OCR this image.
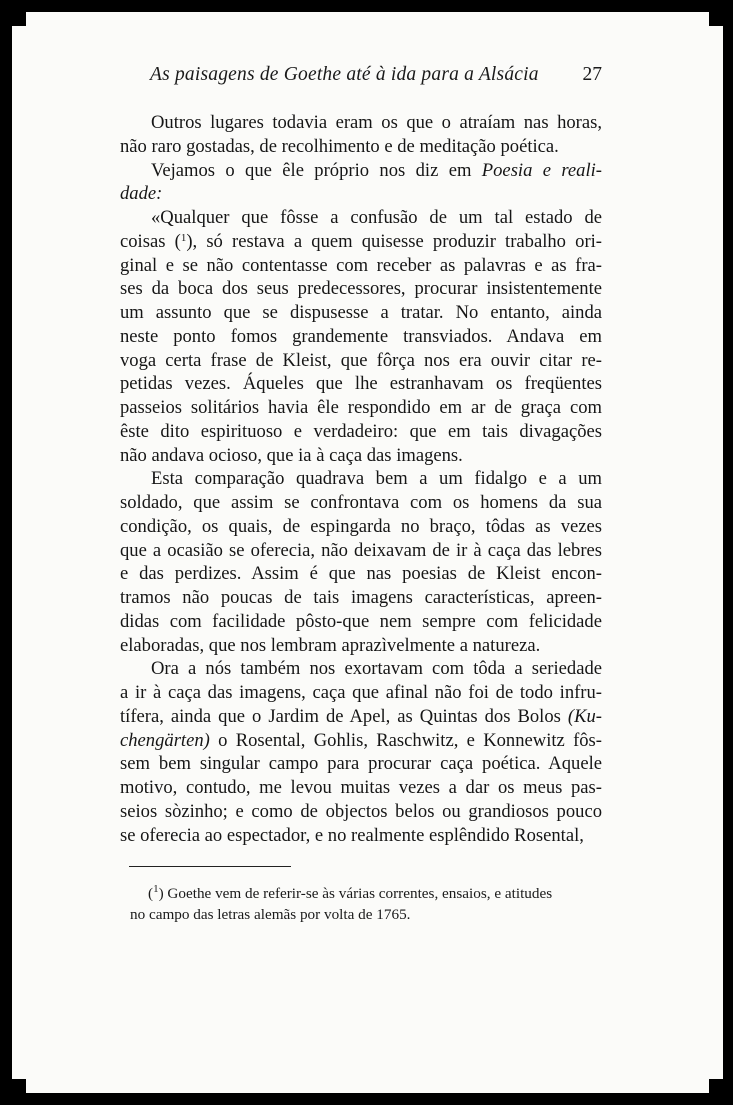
As paisagens de Goethe até à ida para a Alsácia 27
Outros lugares todavia eram os que o atraíam nas horas,
não raro gostadas, de recolhimento e de meditação poética.
Vejamos o que êle próprio nos diz em Poesia e reali-
dade:
«Qualquer que fôsse a confusão de um tal estado de
coisas ($^1$), só restava a quem quisesse produzir trabalho ori-
ginal e se não contentasse com receber as palavras e as fra-
ses da boca dos seus predecessores, procurar insistentemente
um assunto que se dispusesse a tratar. No entanto, ainda
neste ponto fomos grandemente transviados. Andava em
voga certa frase de Kleist, que fôrça nos era ouvir citar re-
petidas vezes. Áqueles que lhe estranhavam os freqüentes
passeios solitários havia êle respondido em ar de graça com
êste dito espirituoso e verdadeiro: que em tais divagações
não andava ocioso, que ia à caça das imagens.
Esta comparação quadrava bem a um fidalgo e a um
soldado, que assim se confrontava com os homens da sua
condição, os quais, de espingarda no braço, tôdas as vezes
que a ocasião se oferecia, não deixavam de ir à caça das lebres
e das perdizes. Assim é que nas poesias de Kleist encon-
tramos não poucas de tais imagens características, apreen-
didas com facilidade pôsto-que nem sempre com felicidade
elaboradas, que nos lembram aprazìvelmente a natureza.
Ora a nós também nos exortavam com tôda a seriedade
a ir à caça das imagens, caça que afinal não foi de todo infru-
tífera, ainda que o Jardim de Apel, as Quintas dos Bolos (Ku-
chengärten) o Rosental, Gohlis, Raschwitz, e Konnewitz fôs-
sem bem singular campo para procurar caça poética. Aquele
motivo, contudo, me levou muitas vezes a dar os meus pas-
seios sòzinho; e como de objectos belos ou grandiosos pouco
se oferecia ao espectador, e no realmente esplêndido Rosental,
($^1$) Goethe vem de referir-se às várias correntes, ensaios, e atitudes
no campo das letras alemãs por volta de 1765.
